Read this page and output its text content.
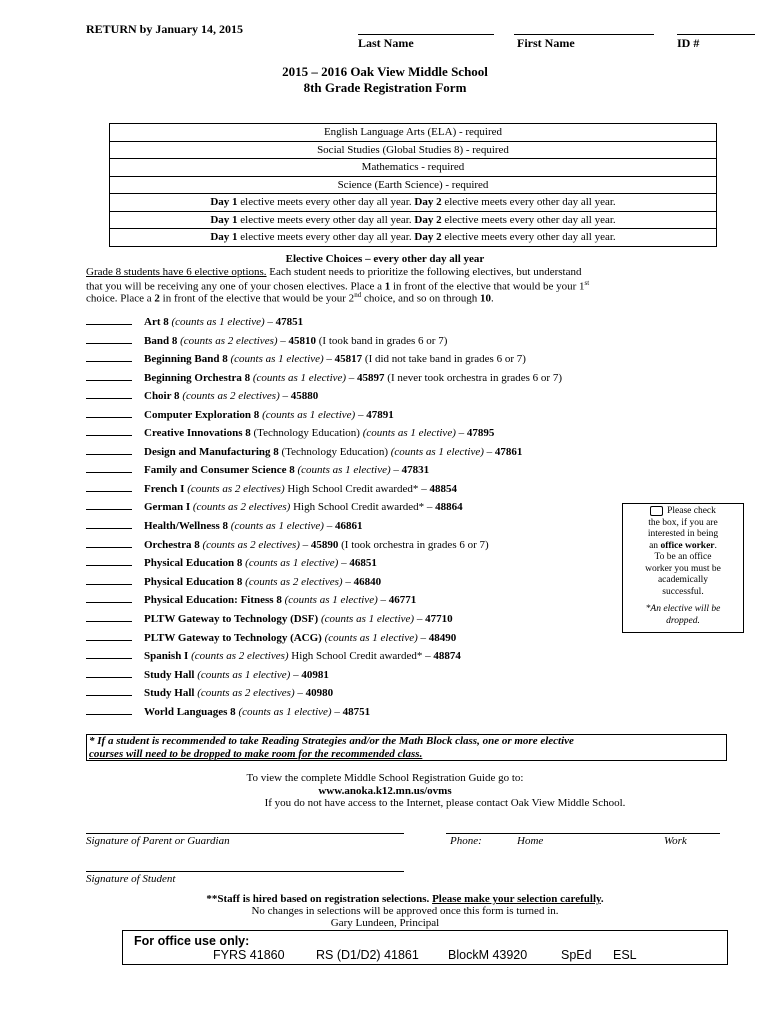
RETURN by January 14, 2015
Last Name	First Name	ID #
2015 – 2016 Oak View Middle School
8th Grade Registration Form
English Language Arts (ELA) - required
Social Studies (Global Studies 8) - required
Mathematics - required
Science (Earth Science) - required
Day 1 elective meets every other day all year. Day 2 elective meets every other day all year.
Day 1 elective meets every other day all year. Day 2 elective meets every other day all year.
Day 1 elective meets every other day all year. Day 2 elective meets every other day all year.
Elective Choices – every other day all year
Grade 8 students have 6 elective options. Each student needs to prioritize the following electives, but understand
that you will be receiving any one of your chosen electives. Place a 1 in front of the elective that would be your 1st
choice. Place a 2 in front of the elective that would be your 2nd choice, and so on through 10.
Art 8 (counts as 1 elective) – 47851
Band 8 (counts as 2 electives) – 45810 (I took band in grades 6 or 7)
Beginning Band 8 (counts as 1 elective) – 45817 (I did not take band in grades 6 or 7)
Beginning Orchestra 8 (counts as 1 elective) – 45897 (I never took orchestra in grades 6 or 7)
Choir 8 (counts as 2 electives) – 45880
Computer Exploration 8 (counts as 1 elective) – 47891
Creative Innovations 8 (Technology Education) (counts as 1 elective) – 47895
Design and Manufacturing 8 (Technology Education) (counts as 1 elective) – 47861
Family and Consumer Science 8 (counts as 1 elective) – 47831
French I (counts as 2 electives) High School Credit awarded* – 48854
German I (counts as 2 electives) High School Credit awarded* – 48864
Health/Wellness 8 (counts as 1 elective) – 46861
Orchestra 8 (counts as 2 electives) – 45890 (I took orchestra in grades 6 or 7)
Physical Education 8 (counts as 1 elective) – 46851
Physical Education 8 (counts as 2 electives) – 46840
Physical Education: Fitness 8 (counts as 1 elective) – 46771
PLTW Gateway to Technology (DSF) (counts as 1 elective) – 47710
PLTW Gateway to Technology (ACG) (counts as 1 elective) – 48490
Spanish I (counts as 2 electives) High School Credit awarded* – 48874
Study Hall (counts as 1 elective) – 40981
Study Hall (counts as 2 electives) – 40980
World Languages 8 (counts as 1 elective) – 48751
Please check
the box, if you are
interested in being
an office worker.
To be an office
worker you must be
academically
successful.
*An elective will be
dropped.
* If a student is recommended to take Reading Strategies and/or the Math Block class, one or more elective
courses will need to be dropped to make room for the recommended class.
To view the complete Middle School Registration Guide go to:
www.anoka.k12.mn.us/ovms
If you do not have access to the Internet, please contact Oak View Middle School.
Signature of Parent or Guardian	Phone:	Home	Work
Signature of Student
**Staff is hired based on registration selections. Please make your selection carefully.
No changes in selections will be approved once this form is turned in.
Gary Lundeen, Principal
For office use only:
FYRS 41860	RS (D1/D2) 41861 BlockM 43920	SpEd ESL
